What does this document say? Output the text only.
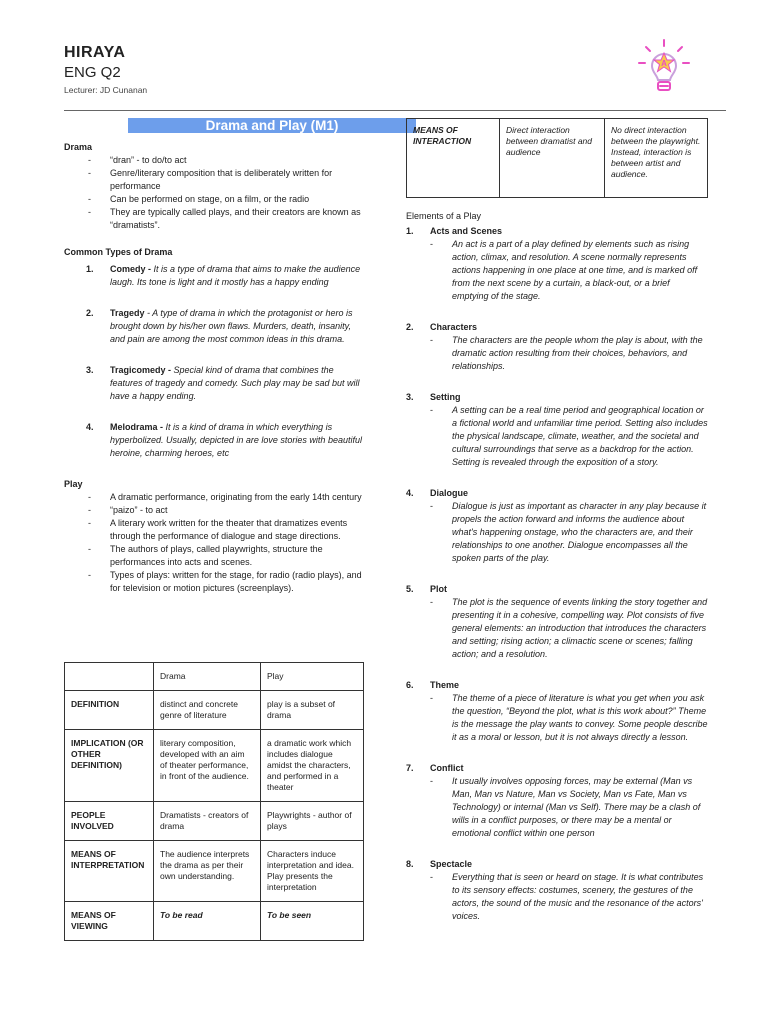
HIRAYA
ENG Q2
Lecturer: JD Cunanan
A
Drama and Play (M1)
Drama
- “dran” - to do/to act
- Genre/literary composition that is deliberately written for performance
- Can be performed on stage, on a film, or the radio
- They are typically called plays, and their creators are known as “dramatists”.
Common Types of Drama
1. Comedy - It is a type of drama that aims to make the audience laugh. Its tone is light and it mostly has a happy ending
2. Tragedy - A type of drama in which the protagonist or hero is brought down by his/her own flaws. Murders, death, insanity, and pain are among the most common ideas in this drama.
3. Tragicomedy - Special kind of drama that combines the features of tragedy and comedy. Such play may be sad but will have a happy ending.
4. Melodrama - It is a kind of drama in which everything is hyperbolized. Usually, depicted in are love stories with beautiful heroine, charming heroes, etc
Play
- A dramatic performance, originating from the early 14th century
- “paizo” - to act
- A literary work written for the theater that dramatizes events through the performance of dialogue and stage directions.
- The authors of plays, called playwrights, structure the performances into acts and scenes.
- Types of plays: written for the stage, for radio (radio plays), and for television or motion pictures (screenplays).
	Drama	Play
DEFINITION	distinct and concrete genre of literature	play is a subset of drama
IMPLICATION (OR OTHER DEFINITION)	literary composition, developed with an aim of theater performance, in front of the audience.	a dramatic work which includes dialogue amidst the characters, and performed in a theater
PEOPLE INVOLVED	Dramatists - creators of drama	Playwrights - author of plays
MEANS OF INTERPRETATION	The audience interprets the drama as per their own understanding.	Characters induce interpretation and idea. Play presents the interpretation
MEANS OF VIEWING	To be read	To be seen
MEANS OF INTERACTION	Direct interaction between dramatist and audience	No direct interaction between the playwright. Instead, interaction is between artist and audience.
Elements of a Play
1. Acts and Scenes
- An act is a part of a play defined by elements such as rising action, climax, and resolution. A scene normally represents actions happening in one place at one time, and is marked off from the next scene by a curtain, a black-out, or a brief emptying of the stage.
2. Characters
- The characters are the people whom the play is about, with the dramatic action resulting from their choices, behaviors, and relationships.
3. Setting
- A setting can be a real time period and geographical location or a fictional world and unfamiliar time period. Setting also includes the physical landscape, climate, weather, and the societal and cultural surroundings that serve as a backdrop for the action. Setting is revealed through the exposition of a story.
4. Dialogue
- Dialogue is just as important as character in any play because it propels the action forward and informs the audience about what's happening onstage, who the characters are, and their relationships to one another. Dialogue encompasses all the spoken parts of the play.
5. Plot
- The plot is the sequence of events linking the story together and presenting it in a cohesive, compelling way. Plot consists of five general elements: an introduction that introduces the characters and setting; rising action; a climactic scene or scenes; falling action; and a resolution.
6. Theme
- The theme of a piece of literature is what you get when you ask the question, “Beyond the plot, what is this work about?” Theme is the message the play wants to convey. Some people describe it as a moral or lesson, but it is not always directly a lesson.
7. Conflict
- It usually involves opposing forces, may be external (Man vs Man, Man vs Nature, Man vs Society, Man vs Fate, Man vs Technology) or internal (Man vs Self). There may be a clash of wills in a conflict purposes, or there may be a mental or emotional conflict within one person
8. Spectacle
- Everything that is seen or heard on stage. It is what contributes to its sensory effects: costumes, scenery, the gestures of the actors, the sound of the music and the resonance of the actors' voices.
